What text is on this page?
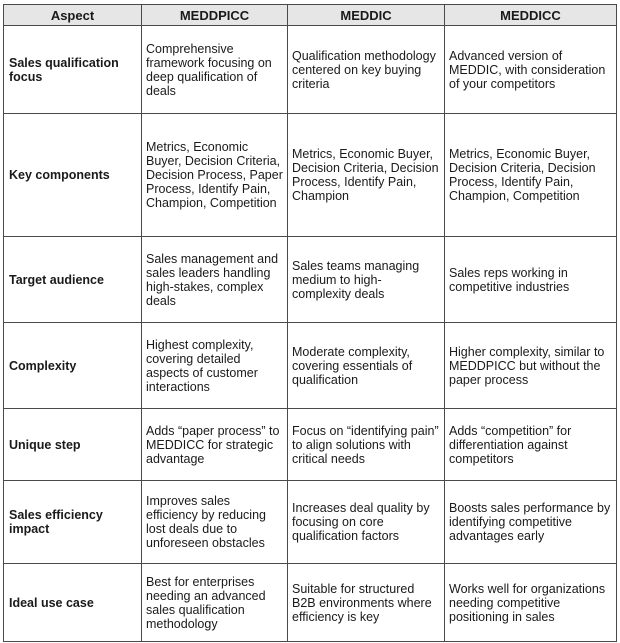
Aspect	MEDDPICC	MEDDIC	MEDDICC
Sales qualification focus	Comprehensive framework focusing on deep qualification of deals	Qualification methodology centered on key buying criteria	Advanced version of MEDDIC, with consideration of your competitors
Key components	Metrics, Economic Buyer, Decision Criteria, Decision Process, Paper Process, Identify Pain, Champion, Competition	Metrics, Economic Buyer, Decision Criteria, Decision Process, Identify Pain, Champion	Metrics, Economic Buyer, Decision Criteria, Decision Process, Identify Pain, Champion, Competition
Target audience	Sales management and sales leaders handling high-stakes, complex deals	Sales teams managing medium to high-complexity deals	Sales reps working in competitive industries
Complexity	Highest complexity, covering detailed aspects of customer interactions	Moderate complexity, covering essentials of qualification	Higher complexity, similar to MEDDPICC but without the paper process
Unique step	Adds “paper process” to MEDDICC for strategic advantage	Focus on “identifying pain” to align solutions with critical needs	Adds “competition” for differentiation against competitors
Sales efficiency impact	Improves sales efficiency by reducing lost deals due to unforeseen obstacles	Increases deal quality by focusing on core qualification factors	Boosts sales performance by identifying competitive advantages early
Ideal use case	Best for enterprises needing an advanced sales qualification methodology	Suitable for structured B2B environments where efficiency is key	Works well for organizations needing competitive positioning in sales
